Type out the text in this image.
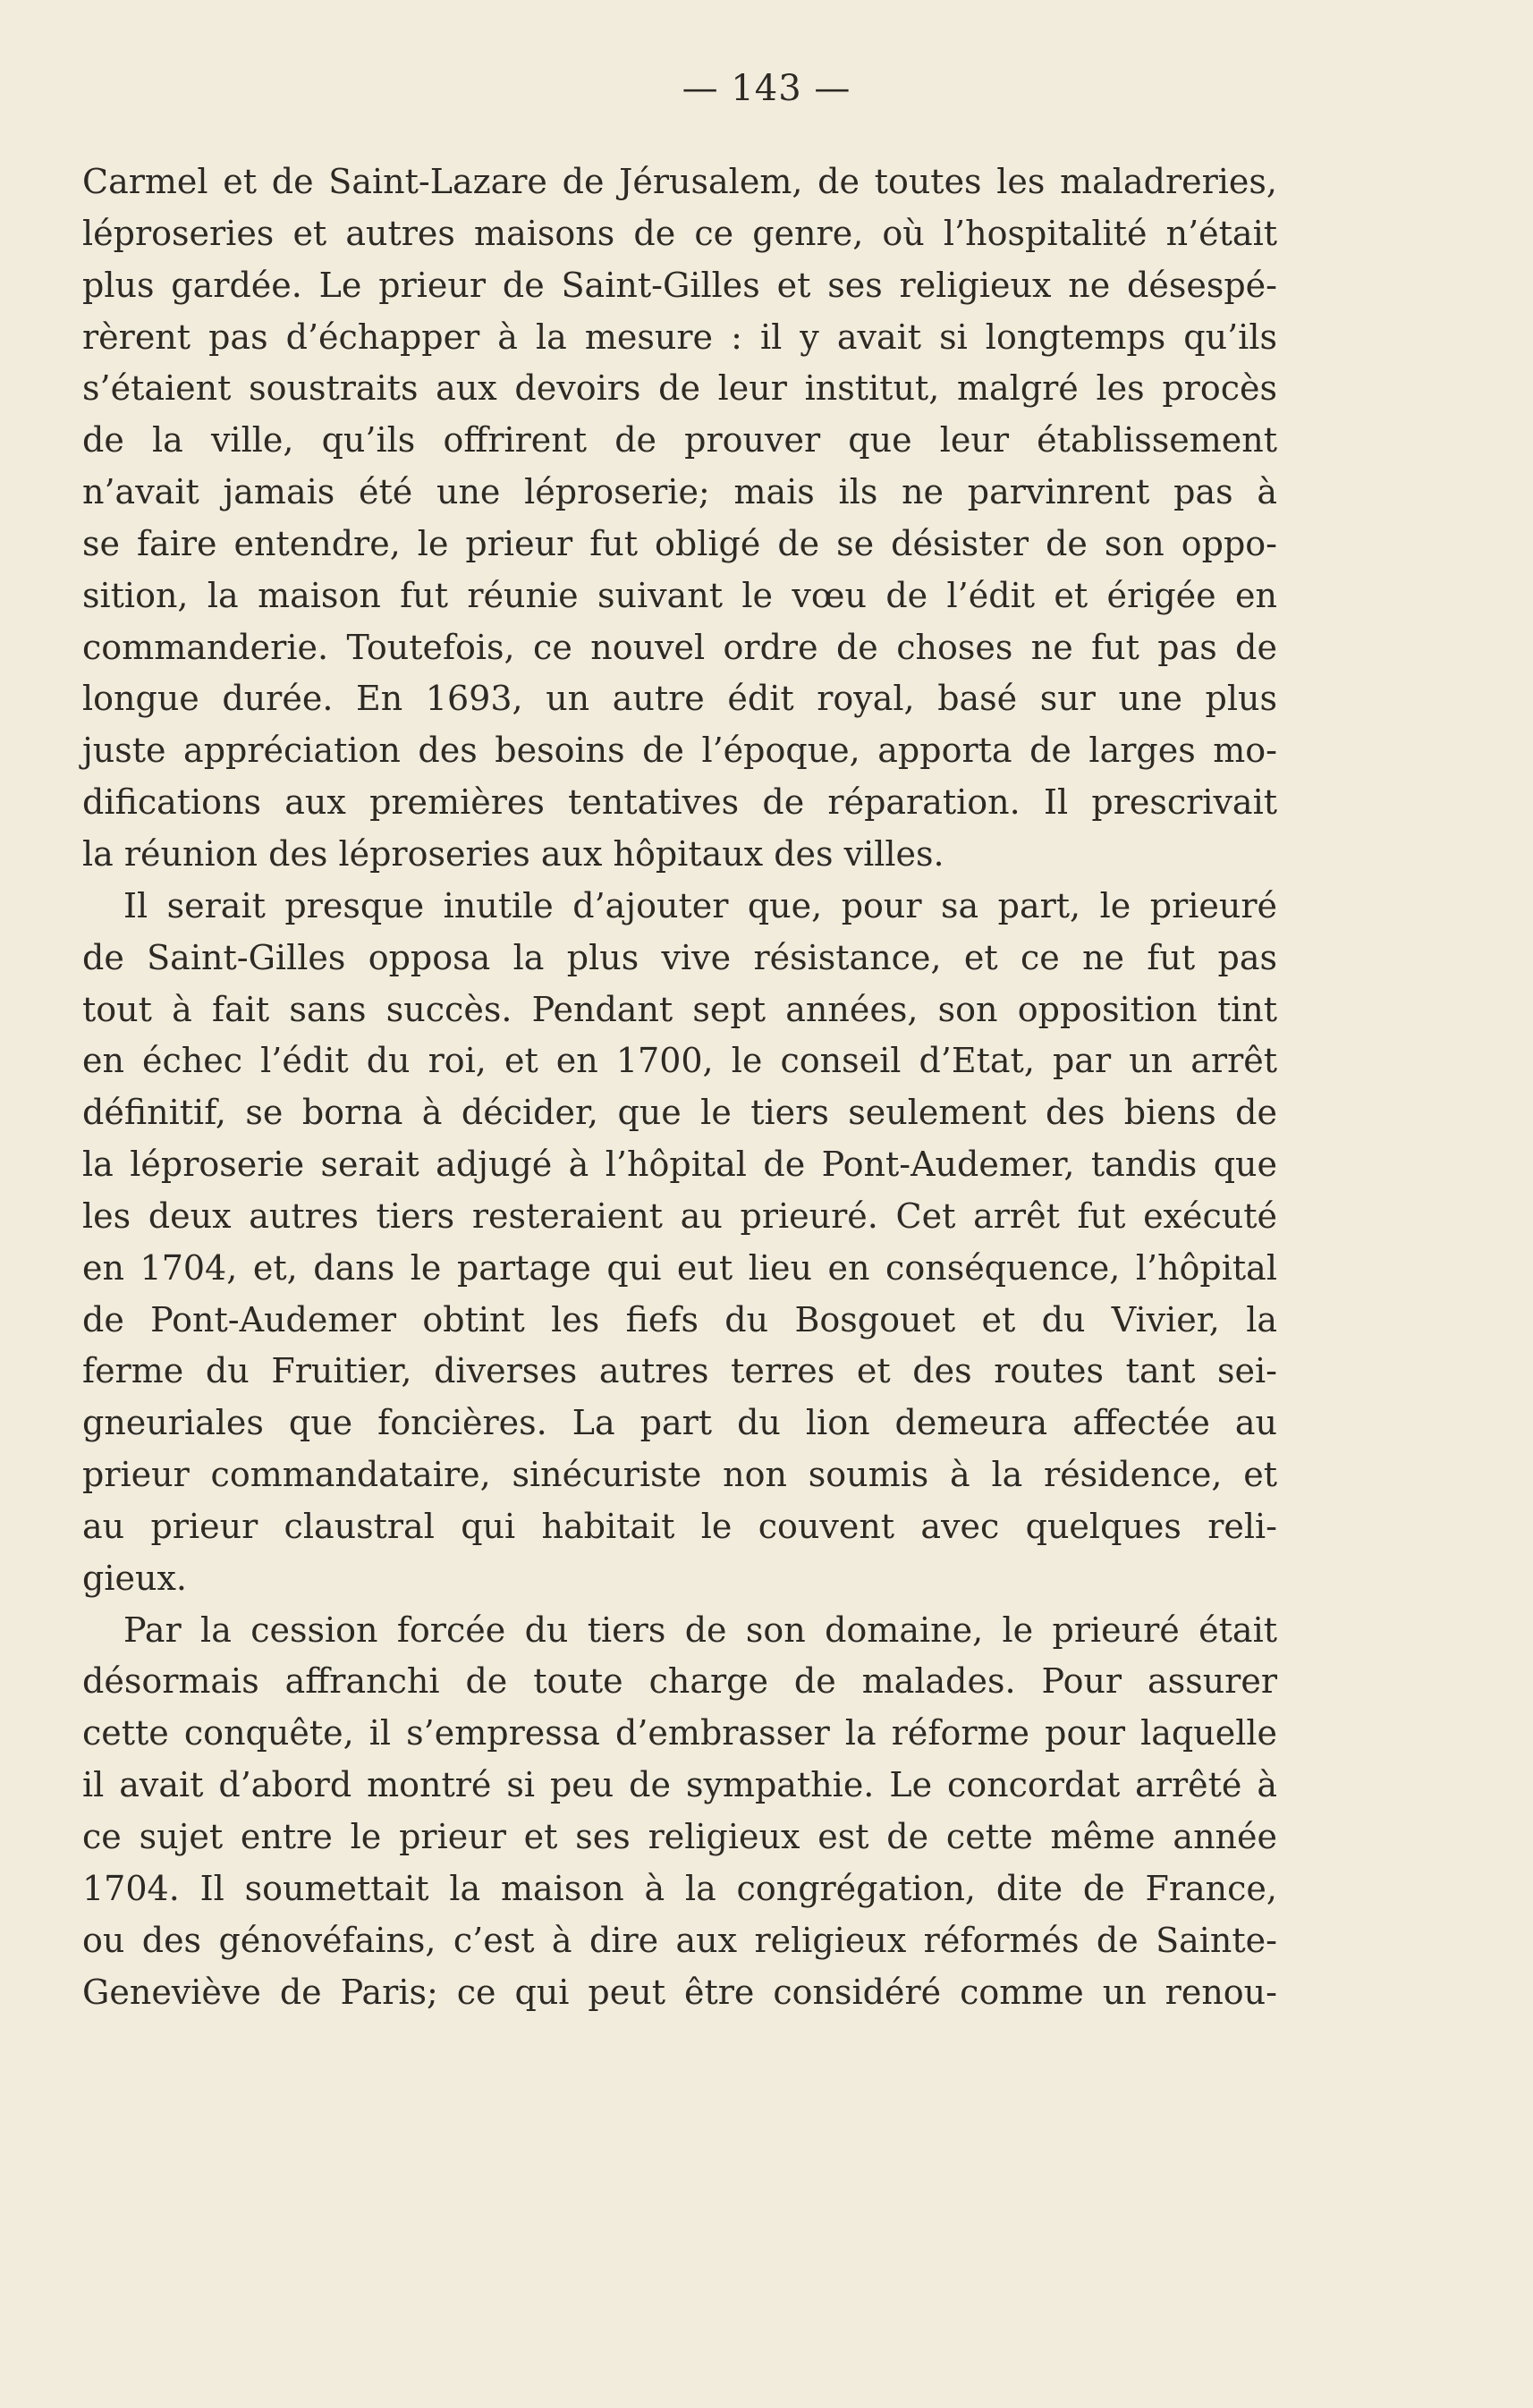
— 143 —
Carmel et de Saint-Lazare de Jérusalem, de toutes les maladreries,
léproseries et autres maisons de ce genre, où l’hospitalité n’était
plus gardée. Le prieur de Saint-Gilles et ses religieux ne désespé-
rèrent pas d’échapper à la mesure : il y avait si longtemps qu’ils
s’étaient soustraits aux devoirs de leur institut, malgré les procès
de la ville, qu’ils offrirent de prouver que leur établissement
n’avait jamais été une léproserie; mais ils ne parvinrent pas à
se faire entendre, le prieur fut obligé de se désister de son oppo-
sition, la maison fut réunie suivant le vœu de l’édit et érigée en
commanderie. Toutefois, ce nouvel ordre de choses ne fut pas de
longue durée. En 1693, un autre édit royal, basé sur une plus
juste appréciation des besoins de l’époque, apporta de larges mo-
difications aux premières tentatives de réparation. Il prescrivait
la réunion des léproseries aux hôpitaux des villes.
Il serait presque inutile d’ajouter que, pour sa part, le prieuré
de Saint-Gilles opposa la plus vive résistance, et ce ne fut pas
tout à fait sans succès. Pendant sept années, son opposition tint
en échec l’édit du roi, et en 1700, le conseil d’Etat, par un arrêt
définitif, se borna à décider, que le tiers seulement des biens de
la léproserie serait adjugé à l’hôpital de Pont-Audemer, tandis que
les deux autres tiers resteraient au prieuré. Cet arrêt fut exécuté
en 1704, et, dans le partage qui eut lieu en conséquence, l’hôpital
de Pont-Audemer obtint les fiefs du Bosgouet et du Vivier, la
ferme du Fruitier, diverses autres terres et des routes tant sei-
gneuriales que foncières. La part du lion demeura affectée au
prieur commandataire, sinécuriste non soumis à la résidence, et
au prieur claustral qui habitait le couvent avec quelques reli-
gieux.
Par la cession forcée du tiers de son domaine, le prieuré était
désormais affranchi de toute charge de malades. Pour assurer
cette conquête, il s’empressa d’embrasser la réforme pour laquelle
il avait d’abord montré si peu de sympathie. Le concordat arrêté à
ce sujet entre le prieur et ses religieux est de cette même année
1704. Il soumettait la maison à la congrégation, dite de France,
ou des génovéfains, c’est à dire aux religieux réformés de Sainte-
Geneviève de Paris; ce qui peut être considéré comme un renou-
